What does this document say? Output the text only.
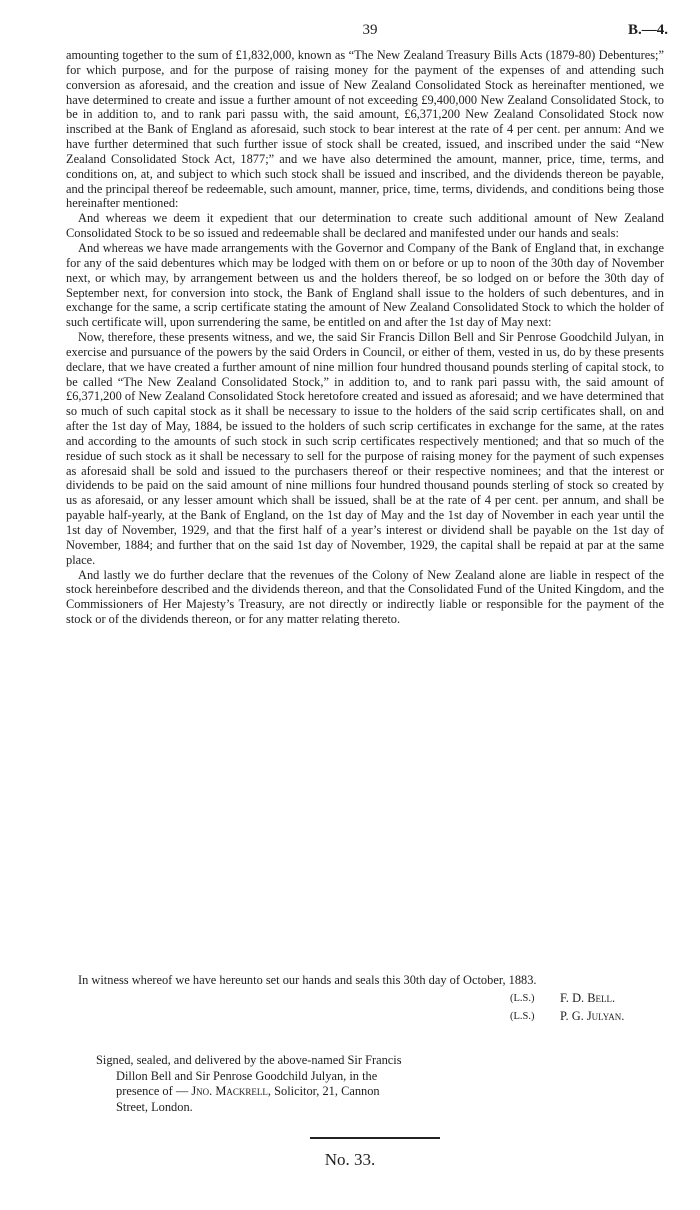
39	B.—4.

amounting together to the sum of £1,832,000, known as “The New Zealand Treasury Bills Acts (1879-80) Debentures;” for which purpose, and for the purpose of raising money for the payment of the expenses of and attending such conversion as aforesaid, and the creation and issue of New Zealand Consolidated Stock as hereinafter mentioned, we have determined to create and issue a further amount of not exceeding £9,400,000 New Zealand Consolidated Stock, to be in addition to, and to rank pari passu with, the said amount, £6,371,200 New Zealand Consolidated Stock now inscribed at the Bank of England as aforesaid, such stock to bear interest at the rate of 4 per cent. per annum: And we have further determined that such further issue of stock shall be created, issued, and inscribed under the said “New Zealand Consolidated Stock Act, 1877;” and we have also determined the amount, manner, price, time, terms, and conditions on, at, and subject to which such stock shall be issued and inscribed, and the dividends thereon be payable, and the principal thereof be redeemable, such amount, manner, price, time, terms, dividends, and conditions being those hereinafter mentioned:

And whereas we deem it expedient that our determination to create such additional amount of New Zealand Consolidated Stock to be so issued and redeemable shall be declared and manifested under our hands and seals:

And whereas we have made arrangements with the Governor and Company of the Bank of England that, in exchange for any of the said debentures which may be lodged with them on or before or up to noon of the 30th day of November next, or which may, by arrangement between us and the holders thereof, be so lodged on or before the 30th day of September next, for conversion into stock, the Bank of England shall issue to the holders of such debentures, and in exchange for the same, a scrip certificate stating the amount of New Zealand Consolidated Stock to which the holder of such certificate will, upon surrendering the same, be entitled on and after the 1st day of May next:

Now, therefore, these presents witness, and we, the said Sir Francis Dillon Bell and Sir Penrose Goodchild Julyan, in exercise and pursuance of the powers by the said Orders in Council, or either of them, vested in us, do by these presents declare, that we have created a further amount of nine million four hundred thousand pounds sterling of capital stock, to be called “The New Zealand Consolidated Stock,” in addition to, and to rank pari passu with, the said amount of £6,371,200 of New Zealand Consolidated Stock heretofore created and issued as aforesaid; and we have determined that so much of such capital stock as it shall be necessary to issue to the holders of the said scrip certificates shall, on and after the 1st day of May, 1884, be issued to the holders of such scrip certificates in exchange for the same, at the rates and according to the amounts of such stock in such scrip certificates respectively mentioned; and that so much of the residue of such stock as it shall be necessary to sell for the purpose of raising money for the payment of such expenses as aforesaid shall be sold and issued to the purchasers thereof or their respective nominees; and that the interest or dividends to be paid on the said amount of nine millions four hundred thousand pounds sterling of stock so created by us as aforesaid, or any lesser amount which shall be issued, shall be at the rate of 4 per cent. per annum, and shall be payable half-yearly, at the Bank of England, on the 1st day of May and the 1st day of November in each year until the 1st day of November, 1929, and that the first half of a year’s interest or dividend shall be payable on the 1st day of November, 1884; and further that on the said 1st day of November, 1929, the capital shall be repaid at par at the same place.

And lastly we do further declare that the revenues of the Colony of New Zealand alone are liable in respect of the stock hereinbefore described and the dividends thereon, and that the Consolidated Fund of the United Kingdom, and the Commissioners of Her Majesty’s Treasury, are not directly or indirectly liable or responsible for the payment of the stock or of the dividends thereon, or for any matter relating thereto.

In witness whereof we have hereunto set our hands and seals this 30th day of October, 1883.
(L.S.) F. D. Bell.
(L.S.) P. G. Julyan.
Signed, sealed, and delivered by the above-named Sir Francis
Dillon Bell and Sir Penrose Goodchild Julyan, in the
presence of — Jno. Mackrell, Solicitor, 21, Cannon
Street, London.
No. 33.
